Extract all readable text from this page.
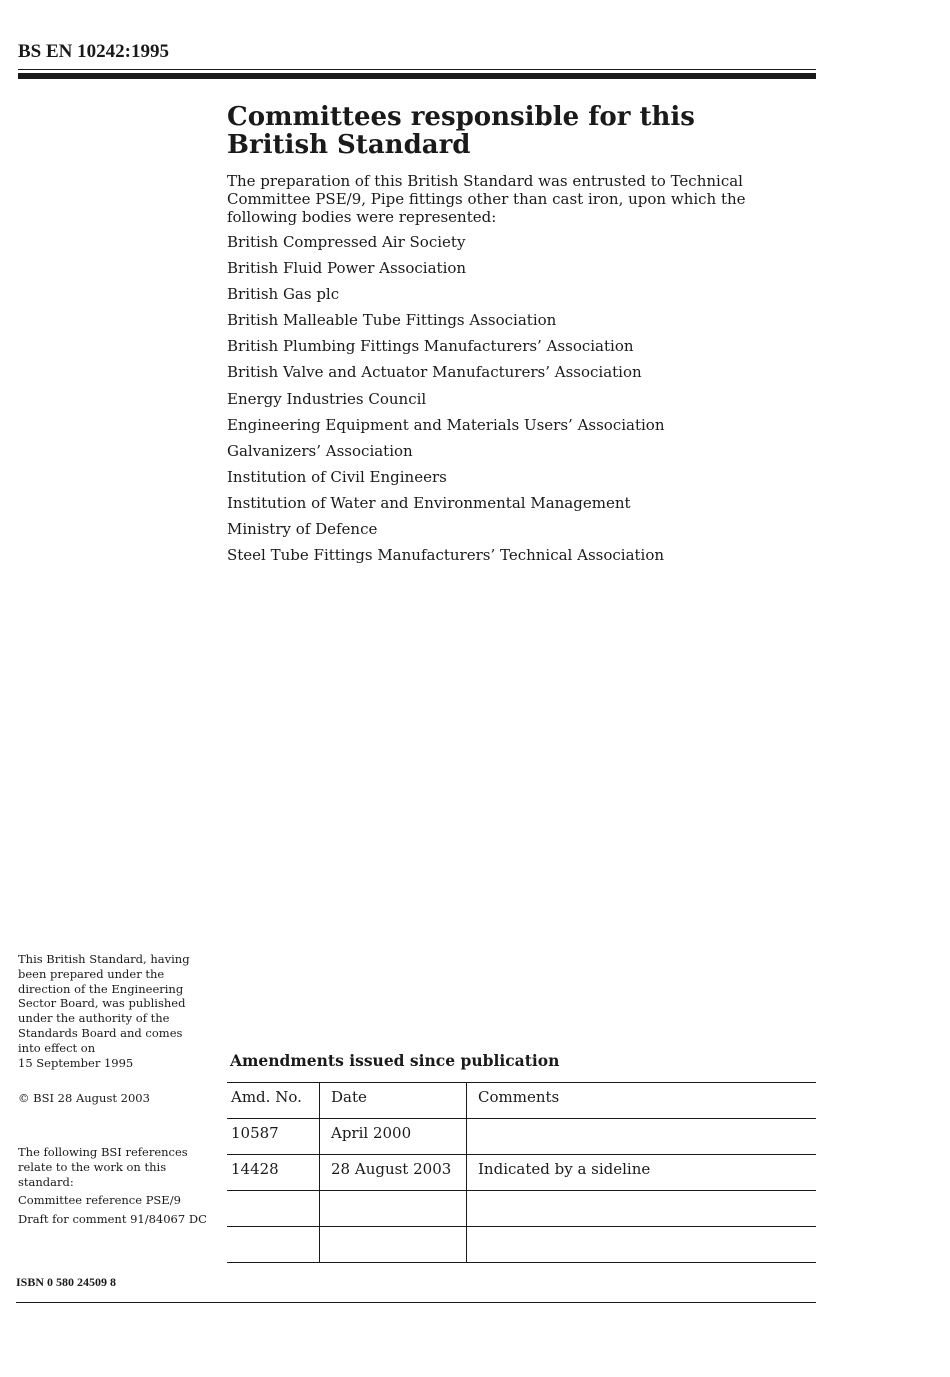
BS EN 10242:1995
Committees responsible for this
British Standard
The preparation of this British Standard was entrusted to Technical Committee PSE/9, Pipe fittings other than cast iron, upon which the following bodies were represented:
British Compressed Air Society
British Fluid Power Association
British Gas plc
British Malleable Tube Fittings Association
British Plumbing Fittings Manufacturers’ Association
British Valve and Actuator Manufacturers’ Association
Energy Industries Council
Engineering Equipment and Materials Users’ Association
Galvanizers’ Association
Institution of Civil Engineers
Institution of Water and Environmental Management
Ministry of Defence
Steel Tube Fittings Manufacturers’ Technical Association
This British Standard, having
been prepared under the
direction of the Engineering
Sector Board, was published
under the authority of the
Standards Board and comes
into effect on
15 September 1995
© BSI 28 August 2003
The following BSI references
relate to the work on this
standard:
Committee reference PSE/9
Draft for comment 91/84067 DC
Amendments issued since publication
Amd. No.	Date	Comments
10587	April 2000	
14428	28 August 2003	Indicated by a sideline

ISBN 0 580 24509 8
